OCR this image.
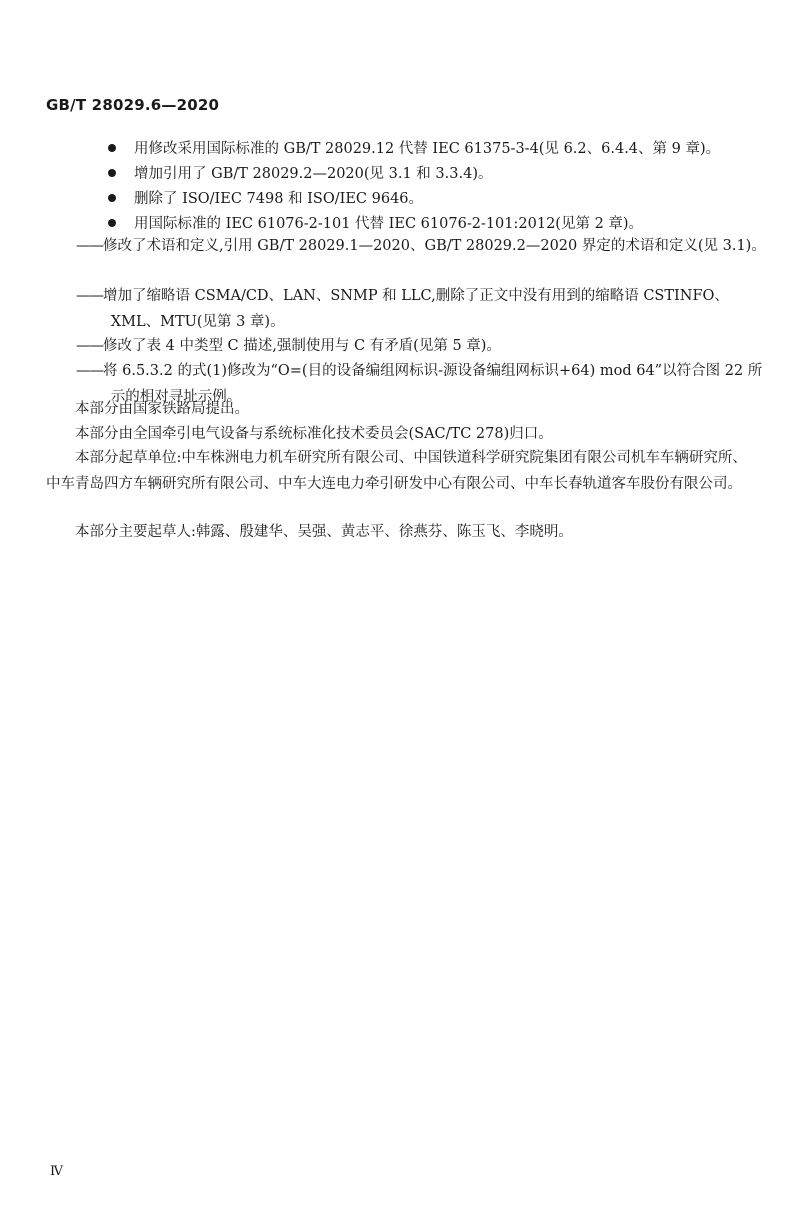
GB/T 28029.6—2020
用修改采用国际标准的 GB/T 28029.12 代替 IEC 61375-3-4(见 6.2、6.4.4、第 9 章)。
增加引用了 GB/T 28029.2—2020(见 3.1 和 3.3.4)。
删除了 ISO/IEC 7498 和 ISO/IEC 9646。
用国际标准的 IEC 61076-2-101 代替 IEC 61076-2-101:2012(见第 2 章)。
——修改了术语和定义,引用 GB/T 28029.1—2020、GB/T 28029.2—2020 界定的术语和定义(见 3.1)。
——增加了缩略语 CSMA/CD、LAN、SNMP 和 LLC,删除了正文中没有用到的缩略语 CSTINFO、XML、MTU(见第 3 章)。
——修改了表 4 中类型 C 描述,强制使用与 C 有矛盾(见第 5 章)。
——将 6.5.3.2 的式(1)修改为“O=(目的设备编组网标识-源设备编组网标识+64) mod 64”以符合图 22 所示的相对寻址示例。
本部分由国家铁路局提出。
本部分由全国牵引电气设备与系统标准化技术委员会(SAC/TC 278)归口。
本部分起草单位:中车株洲电力机车研究所有限公司、中国铁道科学研究院集团有限公司机车车辆研究所、中车青岛四方车辆研究所有限公司、中车大连电力牵引研发中心有限公司、中车长春轨道客车股份有限公司。
本部分主要起草人:韩露、殷建华、吴强、黄志平、徐燕芬、陈玉飞、李晓明。
Ⅳ
